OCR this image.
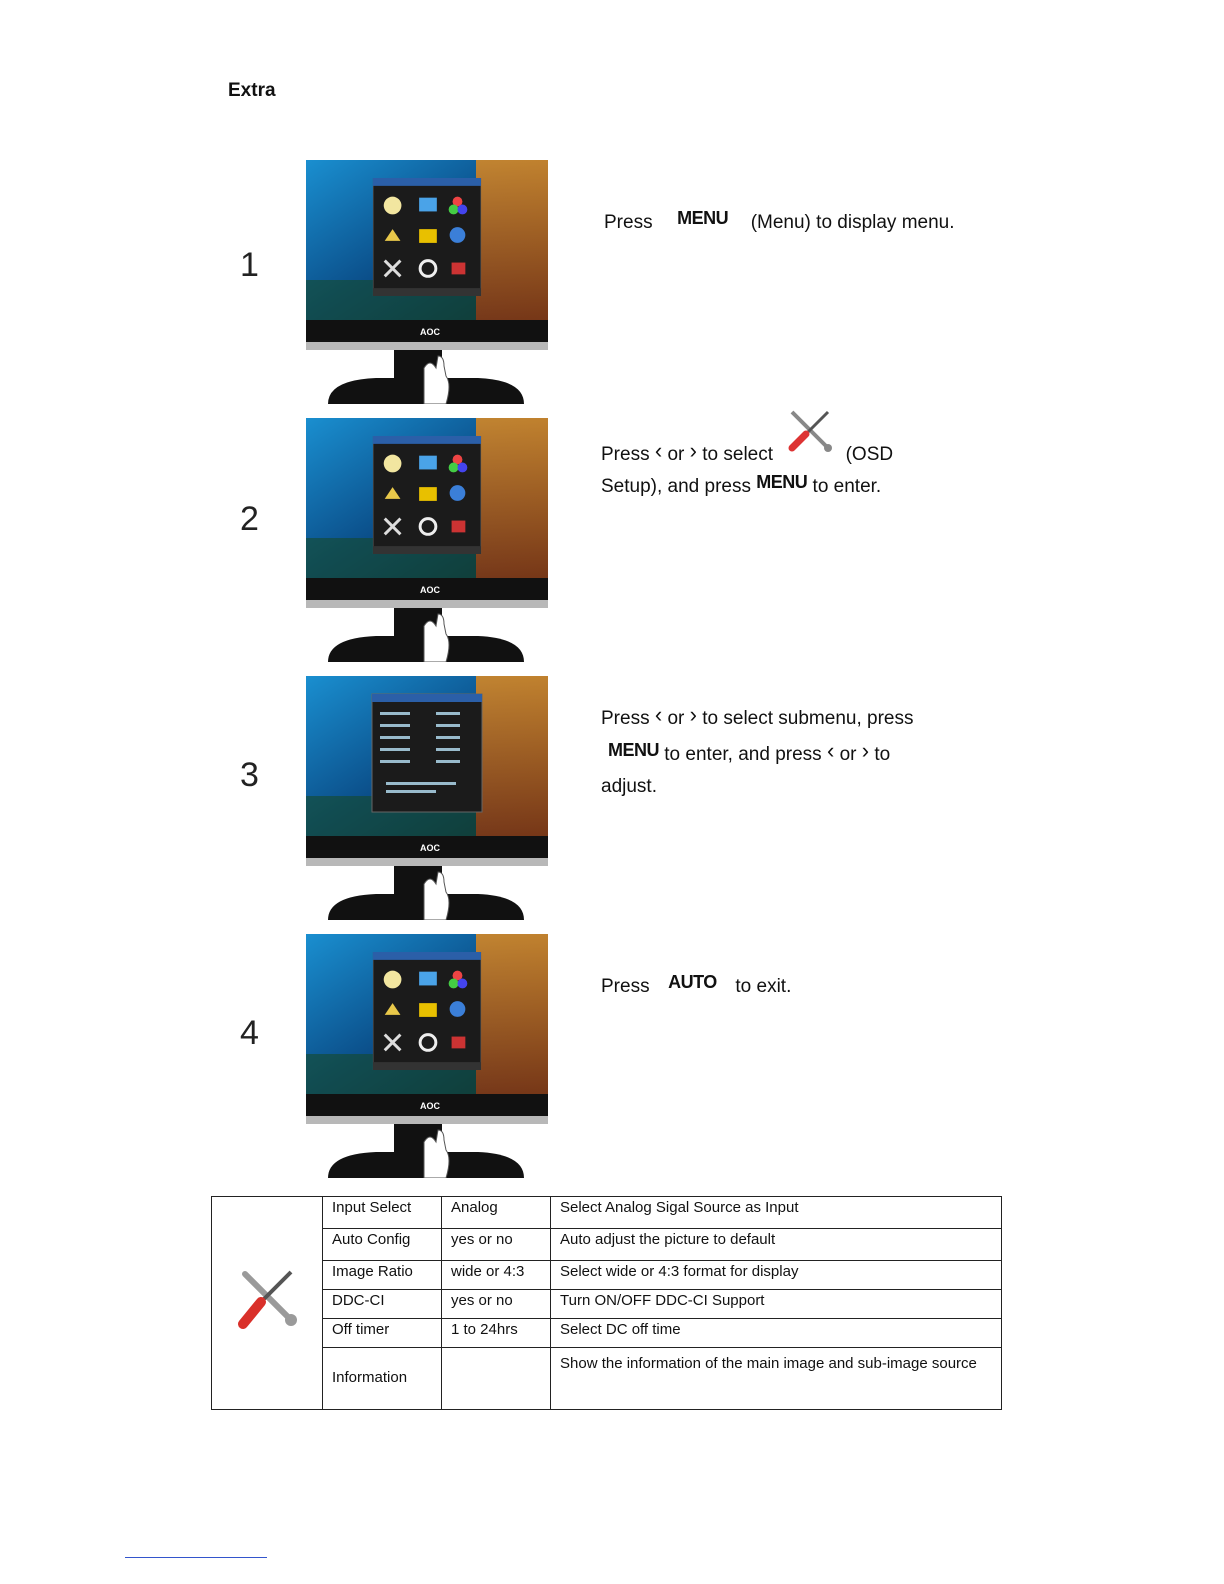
Extra
1
Press MENU (Menu) to display menu.
2
Press ‹ or › to select	(OSD
Setup), and press MENU to enter.
3
Press ‹ or › to select submenu, press
MENU to enter, and press ‹ or › to
adjust.
4
Press AUTO to exit.
	Input Select	Analog	Select Analog Sigal Source as Input
	Auto Config	yes or no	Auto adjust the picture to default
	Image Ratio	wide or 4:3	Select wide or 4:3 format for display
	DDC-CI	yes or no	Turn ON/OFF DDC-CI Support
	Off timer	1 to 24hrs	Select DC off time
	Information		Show the information of the main image and sub-image source
